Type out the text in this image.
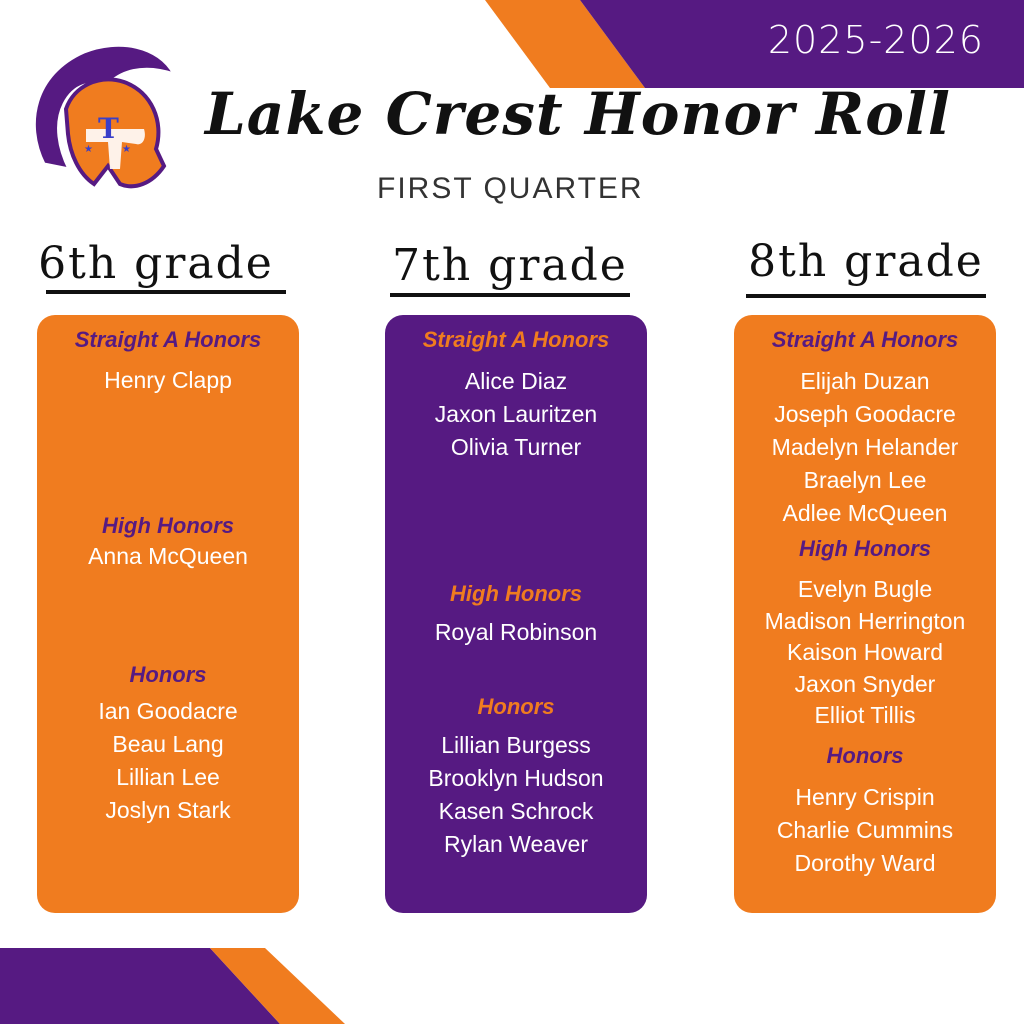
2025-2026
T
★	★
Lake Crest Honor Roll
FIRST QUARTER
6th grade	7th grade	8th grade
Straight A Honors
Henry Clapp
High Honors
Anna McQueen
Honors
Ian Goodacre
Beau Lang
Lillian Lee
Joslyn Stark
Straight A Honors
Alice Diaz
Jaxon Lauritzen
Olivia Turner
High Honors
Royal Robinson
Honors
Lillian Burgess
Brooklyn Hudson
Kasen Schrock
Rylan Weaver
Straight A Honors
Elijah Duzan
Joseph Goodacre
Madelyn Helander
Braelyn Lee
Adlee McQueen
High Honors
Evelyn Bugle
Madison Herrington
Kaison Howard
Jaxon Snyder
Elliot Tillis
Honors
Henry Crispin
Charlie Cummins
Dorothy Ward
